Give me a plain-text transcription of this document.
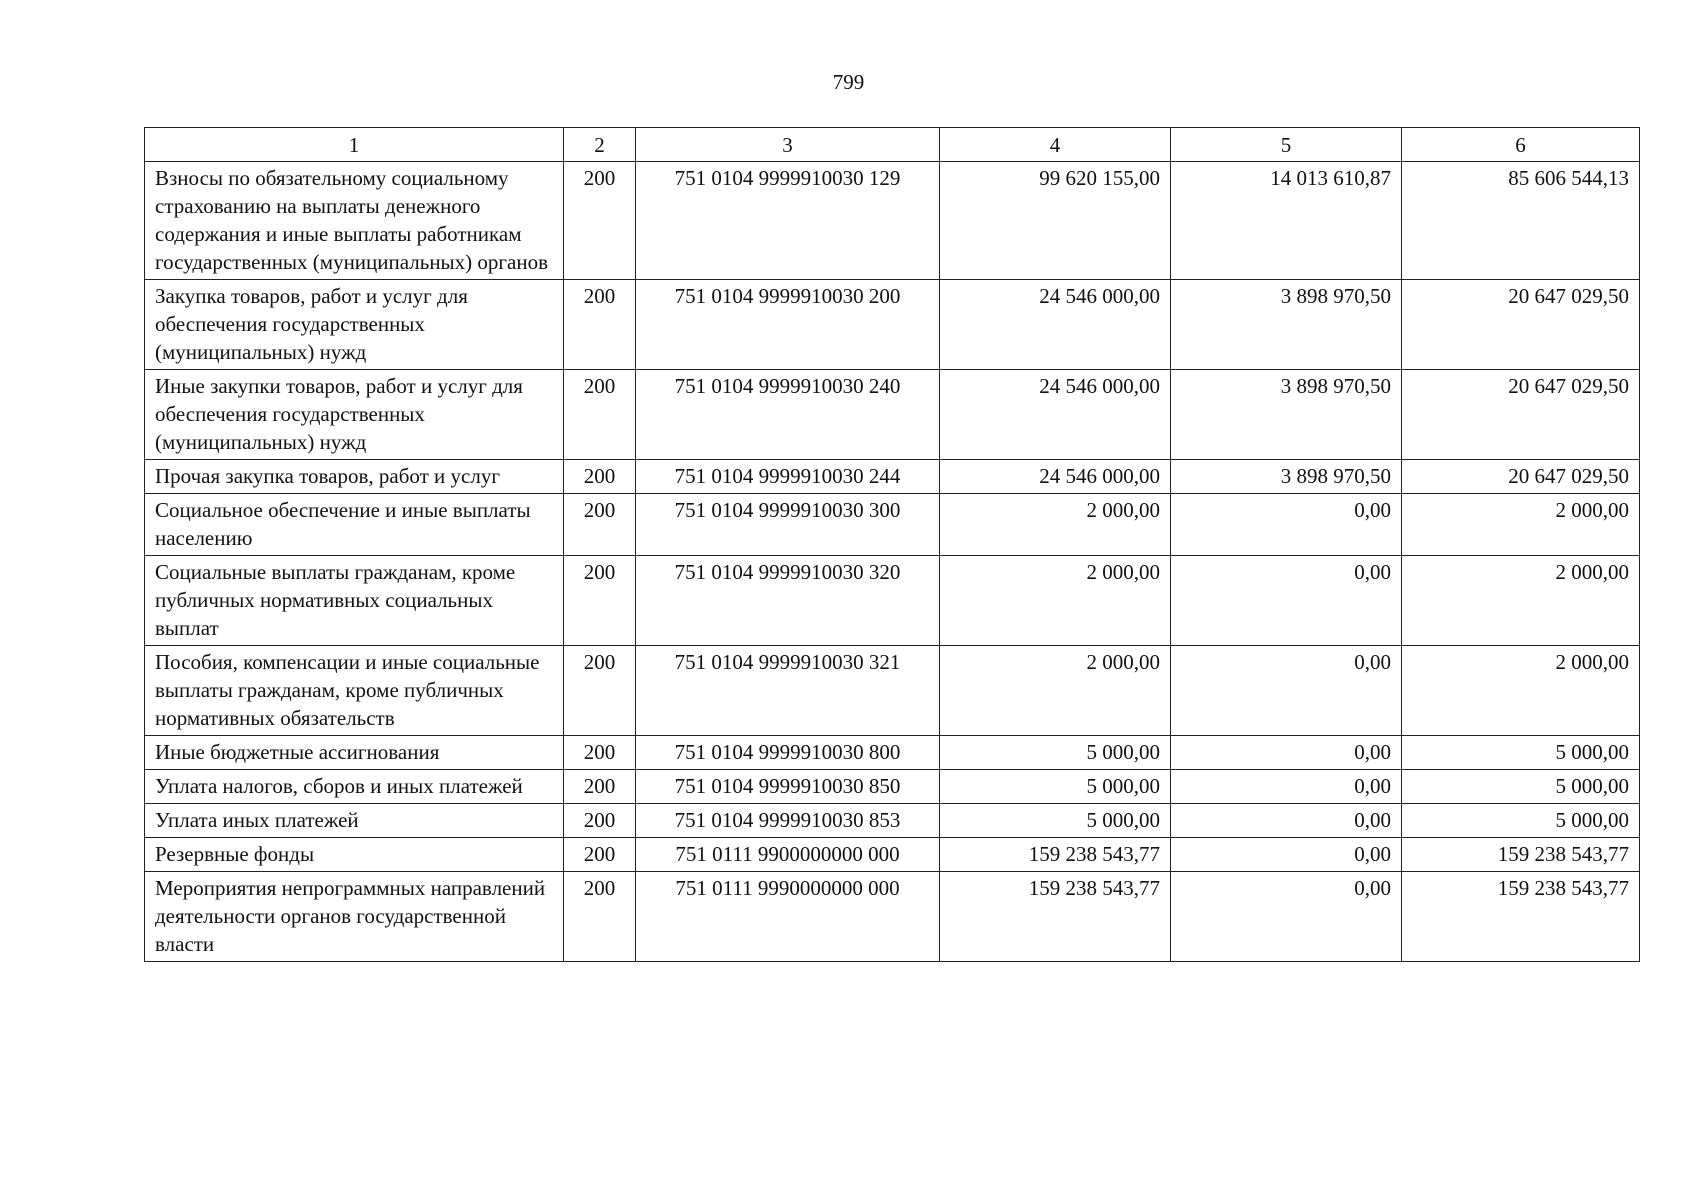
799
1	2	3	4	5	6
Взносы по обязательному социальному страхованию на выплаты денежного содержания и иные выплаты работникам государственных (муниципальных) органов	200	751 0104 9999910030 129	99 620 155,00	14 013 610,87	85 606 544,13
Закупка товаров, работ и услуг для обеспечения государственных (муниципальных) нужд	200	751 0104 9999910030 200	24 546 000,00	3 898 970,50	20 647 029,50
Иные закупки товаров, работ и услуг для обеспечения государственных (муниципальных) нужд	200	751 0104 9999910030 240	24 546 000,00	3 898 970,50	20 647 029,50
Прочая закупка товаров, работ и услуг	200	751 0104 9999910030 244	24 546 000,00	3 898 970,50	20 647 029,50
Социальное обеспечение и иные выплаты населению	200	751 0104 9999910030 300	2 000,00	0,00	2 000,00
Социальные выплаты гражданам, кроме публичных нормативных социальных выплат	200	751 0104 9999910030 320	2 000,00	0,00	2 000,00
Пособия, компенсации и иные социальные выплаты гражданам, кроме публичных нормативных обязательств	200	751 0104 9999910030 321	2 000,00	0,00	2 000,00
Иные бюджетные ассигнования	200	751 0104 9999910030 800	5 000,00	0,00	5 000,00
Уплата налогов, сборов и иных платежей	200	751 0104 9999910030 850	5 000,00	0,00	5 000,00
Уплата иных платежей	200	751 0104 9999910030 853	5 000,00	0,00	5 000,00
Резервные фонды	200	751 0111 9900000000 000	159 238 543,77	0,00	159 238 543,77
Мероприятия непрограммных направлений деятельности органов государственной власти	200	751 0111 9990000000 000	159 238 543,77	0,00	159 238 543,77
